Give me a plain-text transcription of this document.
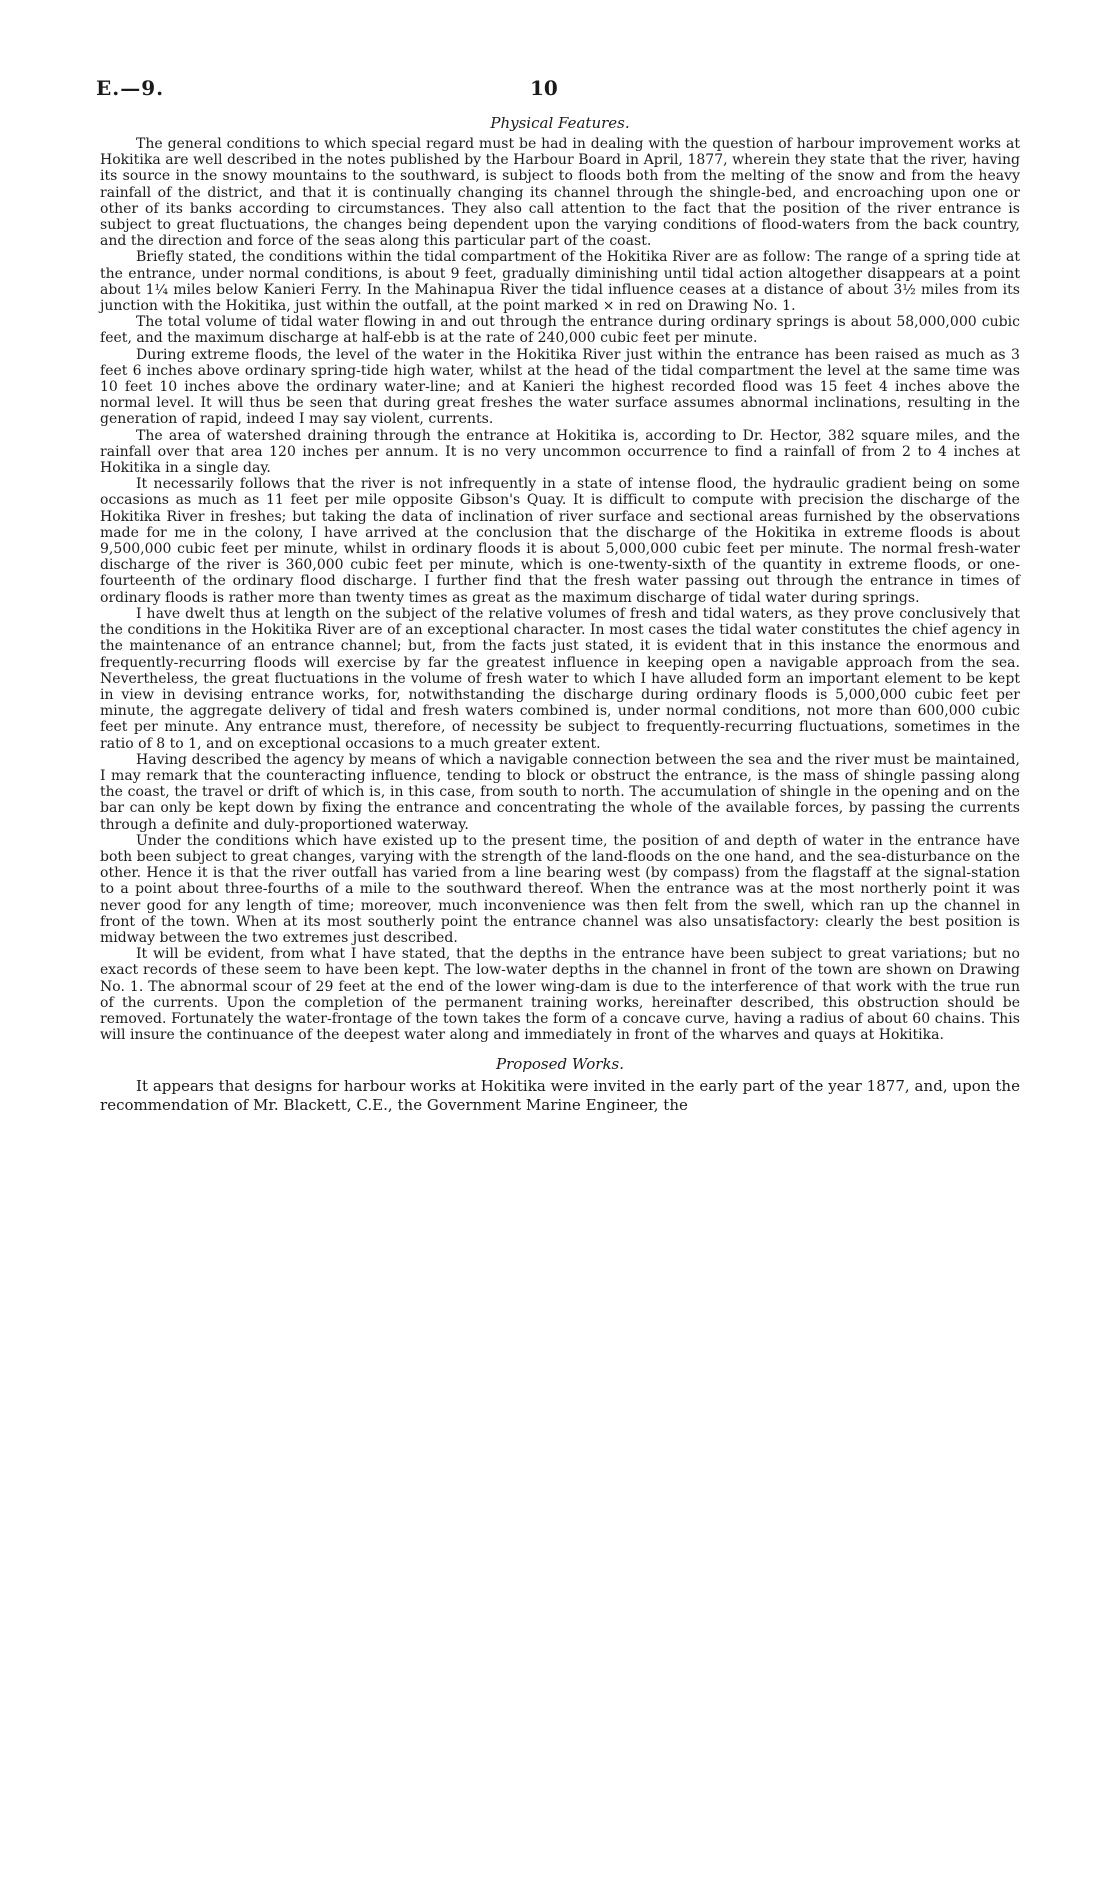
E.—9.	10
Physical Features.

The general conditions to which special regard must be had in dealing with the question of harbour improvement works at Hokitika are well described in the notes published by the Harbour Board in April, 1877, wherein they state that the river, having its source in the snowy mountains to the southward, is subject to floods both from the melting of the snow and from the heavy rainfall of the district, and that it is continually changing its channel through the shingle-bed, and encroaching upon one or other of its banks according to circumstances. They also call attention to the fact that the position of the river entrance is subject to great fluctuations, the changes being dependent upon the varying conditions of flood-waters from the back country, and the direction and force of the seas along this particular part of the coast.

Briefly stated, the conditions within the tidal compartment of the Hokitika River are as follow: The range of a spring tide at the entrance, under normal conditions, is about 9 feet, gradually diminishing until tidal action altogether disappears at a point about 1¼ miles below Kanieri Ferry. In the Mahinapua River the tidal influence ceases at a distance of about 3½ miles from its junction with the Hokitika, just within the outfall, at the point marked × in red on Drawing No. 1.

The total volume of tidal water flowing in and out through the entrance during ordinary springs is about 58,000,000 cubic feet, and the maximum discharge at half-ebb is at the rate of 240,000 cubic feet per minute.

During extreme floods, the level of the water in the Hokitika River just within the entrance has been raised as much as 3 feet 6 inches above ordinary spring-tide high water, whilst at the head of the tidal compartment the level at the same time was 10 feet 10 inches above the ordinary water-line; and at Kanieri the highest recorded flood was 15 feet 4 inches above the normal level. It will thus be seen that during great freshes the water surface assumes abnormal inclinations, resulting in the generation of rapid, indeed I may say violent, currents.

The area of watershed draining through the entrance at Hokitika is, according to Dr. Hector, 382 square miles, and the rainfall over that area 120 inches per annum. It is no very uncommon occurrence to find a rainfall of from 2 to 4 inches at Hokitika in a single day.

It necessarily follows that the river is not infrequently in a state of intense flood, the hydraulic gradient being on some occasions as much as 11 feet per mile opposite Gibson's Quay. It is difficult to compute with precision the discharge of the Hokitika River in freshes; but taking the data of inclination of river surface and sectional areas furnished by the observations made for me in the colony, I have arrived at the conclusion that the discharge of the Hokitika in extreme floods is about 9,500,000 cubic feet per minute, whilst in ordinary floods it is about 5,000,000 cubic feet per minute. The normal fresh-water discharge of the river is 360,000 cubic feet per minute, which is one-twenty-sixth of the quantity in extreme floods, or one-fourteenth of the ordinary flood discharge. I further find that the fresh water passing out through the entrance in times of ordinary floods is rather more than twenty times as great as the maximum discharge of tidal water during springs.

I have dwelt thus at length on the subject of the relative volumes of fresh and tidal waters, as they prove conclusively that the conditions in the Hokitika River are of an exceptional character. In most cases the tidal water constitutes the chief agency in the maintenance of an entrance channel; but, from the facts just stated, it is evident that in this instance the enormous and frequently-recurring floods will exercise by far the greatest influence in keeping open a navigable approach from the sea. Nevertheless, the great fluctuations in the volume of fresh water to which I have alluded form an important element to be kept in view in devising entrance works, for, notwithstanding the discharge during ordinary floods is 5,000,000 cubic feet per minute, the aggregate delivery of tidal and fresh waters combined is, under normal conditions, not more than 600,000 cubic feet per minute. Any entrance must, therefore, of necessity be subject to frequently-recurring fluctuations, sometimes in the ratio of 8 to 1, and on exceptional occasions to a much greater extent.

Having described the agency by means of which a navigable connection between the sea and the river must be maintained, I may remark that the counteracting influence, tending to block or obstruct the entrance, is the mass of shingle passing along the coast, the travel or drift of which is, in this case, from south to north. The accumulation of shingle in the opening and on the bar can only be kept down by fixing the entrance and concentrating the whole of the available forces, by passing the currents through a definite and duly-proportioned waterway.

Under the conditions which have existed up to the present time, the position of and depth of water in the entrance have both been subject to great changes, varying with the strength of the land-floods on the one hand, and the sea-disturbance on the other. Hence it is that the river outfall has varied from a line bearing west (by compass) from the flagstaff at the signal-station to a point about three-fourths of a mile to the southward thereof. When the entrance was at the most northerly point it was never good for any length of time; moreover, much inconvenience was then felt from the swell, which ran up the channel in front of the town. When at its most southerly point the entrance channel was also unsatisfactory: clearly the best position is midway between the two extremes just described.

It will be evident, from what I have stated, that the depths in the entrance have been subject to great variations; but no exact records of these seem to have been kept. The low-water depths in the channel in front of the town are shown on Drawing No. 1. The abnormal scour of 29 feet at the end of the lower wing-dam is due to the interference of that work with the true run of the currents. Upon the completion of the permanent training works, hereinafter described, this obstruction should be removed. Fortunately the water-frontage of the town takes the form of a concave curve, having a radius of about 60 chains. This will insure the continuance of the deepest water along and immediately in front of the wharves and quays at Hokitika.

Proposed Works.

It appears that designs for harbour works at Hokitika were invited in the early part of the year 1877, and, upon the recommendation of Mr. Blackett, C.E., the Government Marine Engineer, the
